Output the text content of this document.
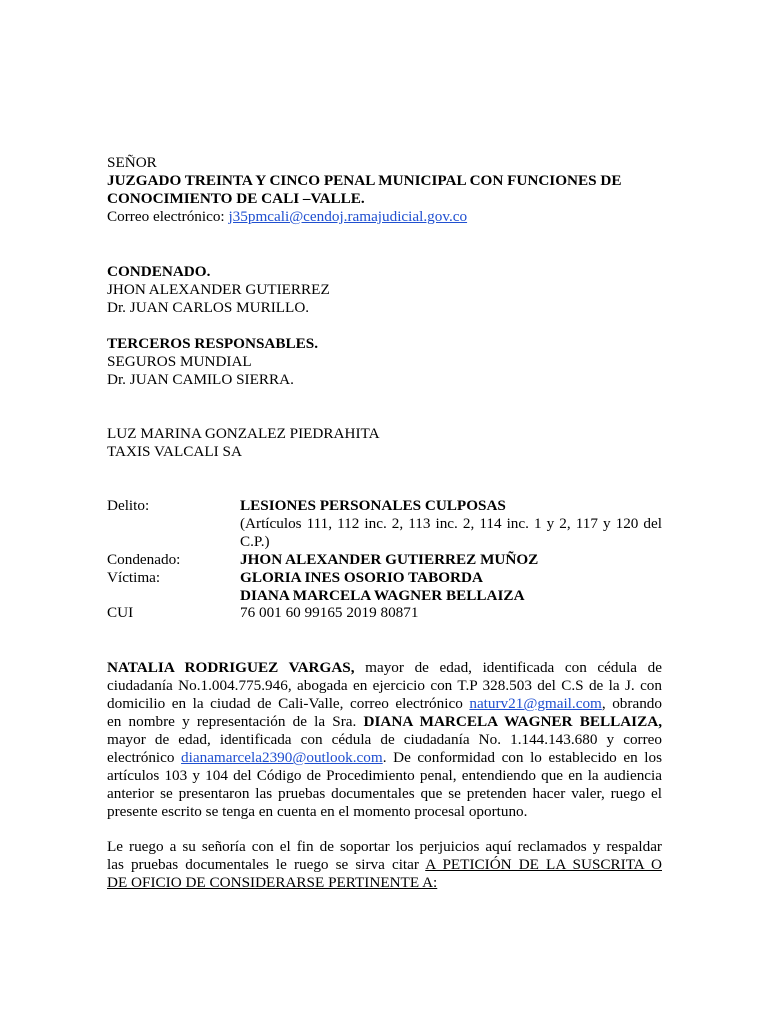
SEÑOR
JUZGADO TREINTA Y CINCO PENAL MUNICIPAL CON FUNCIONES DE
CONOCIMIENTO DE CALI –VALLE.
Correo electrónico: j35pmcali@cendoj.ramajudicial.gov.co
CONDENADO.
JHON ALEXANDER GUTIERREZ
Dr. JUAN CARLOS MURILLO.
TERCEROS RESPONSABLES.
SEGUROS MUNDIAL
Dr. JUAN CAMILO SIERRA.
LUZ MARINA GONZALEZ PIEDRAHITA
TAXIS VALCALI SA
Delito:	LESIONES PERSONALES CULPOSAS
(Artículos 111, 112 inc. 2, 113 inc. 2, 114 inc. 1 y 2, 117 y 120 del
C.P.)
Condenado:	JHON ALEXANDER GUTIERREZ MUÑOZ
Víctima:	GLORIA INES OSORIO TABORDA
DIANA MARCELA WAGNER BELLAIZA
CUI	76 001 60 99165 2019 80871
NATALIA RODRIGUEZ VARGAS, mayor de edad, identificada con cédula de
ciudadanía No.1.004.775.946, abogada en ejercicio con T.P 328.503 del C.S de la J. con
domicilio en la ciudad de Cali-Valle, correo electrónico naturv21@gmail.com, obrando
en nombre y representación de la Sra. DIANA MARCELA WAGNER BELLAIZA,
mayor de edad, identificada con cédula de ciudadanía No. 1.144.143.680 y correo
electrónico dianamarcela2390@outlook.com. De conformidad con lo establecido en los
artículos 103 y 104 del Código de Procedimiento penal, entendiendo que en la audiencia
anterior se presentaron las pruebas documentales que se pretenden hacer valer, ruego el
presente escrito se tenga en cuenta en el momento procesal oportuno.
Le ruego a su señoría con el fin de soportar los perjuicios aquí reclamados y respaldar
las pruebas documentales le ruego se sirva citar A PETICIÓN DE LA SUSCRITA O
DE OFICIO DE CONSIDERARSE PERTINENTE A:
